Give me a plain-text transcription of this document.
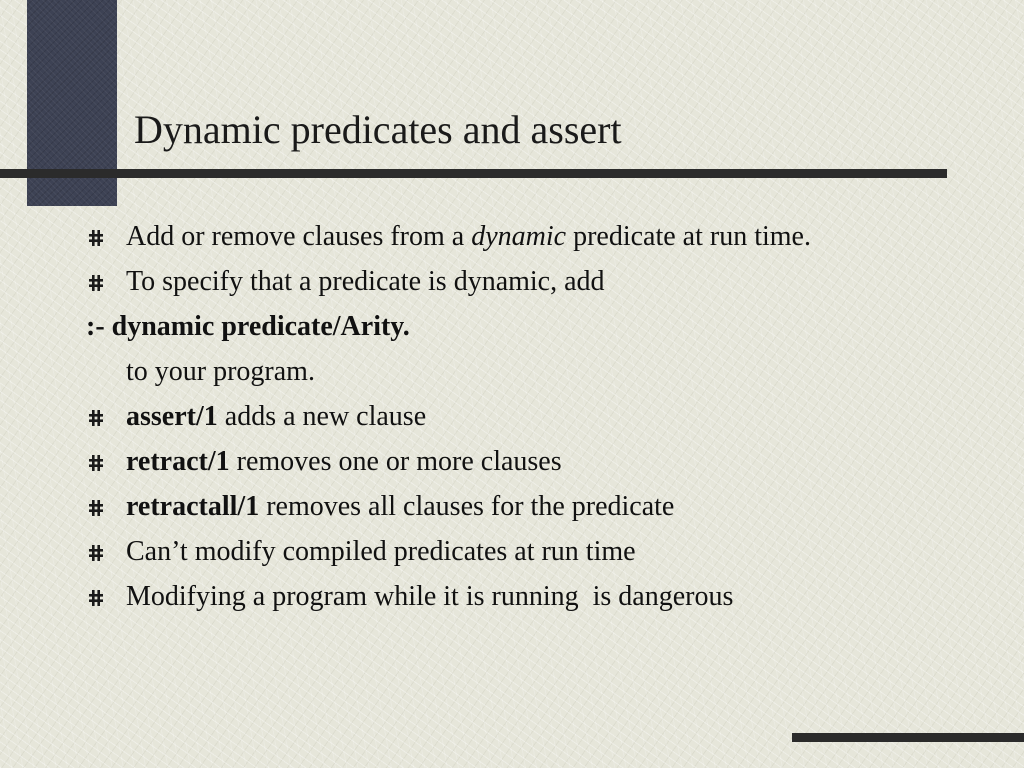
Dynamic predicates and assert
Add or remove clauses from a dynamic predicate at run time.
To specify that a predicate is dynamic, add
:- dynamic predicate/Arity.
to your program.
assert/1 adds a new clause
retract/1 removes one or more clauses
retractall/1 removes all clauses for the predicate
Can’t modify compiled predicates at run time
Modifying a program while it is running  is dangerous
